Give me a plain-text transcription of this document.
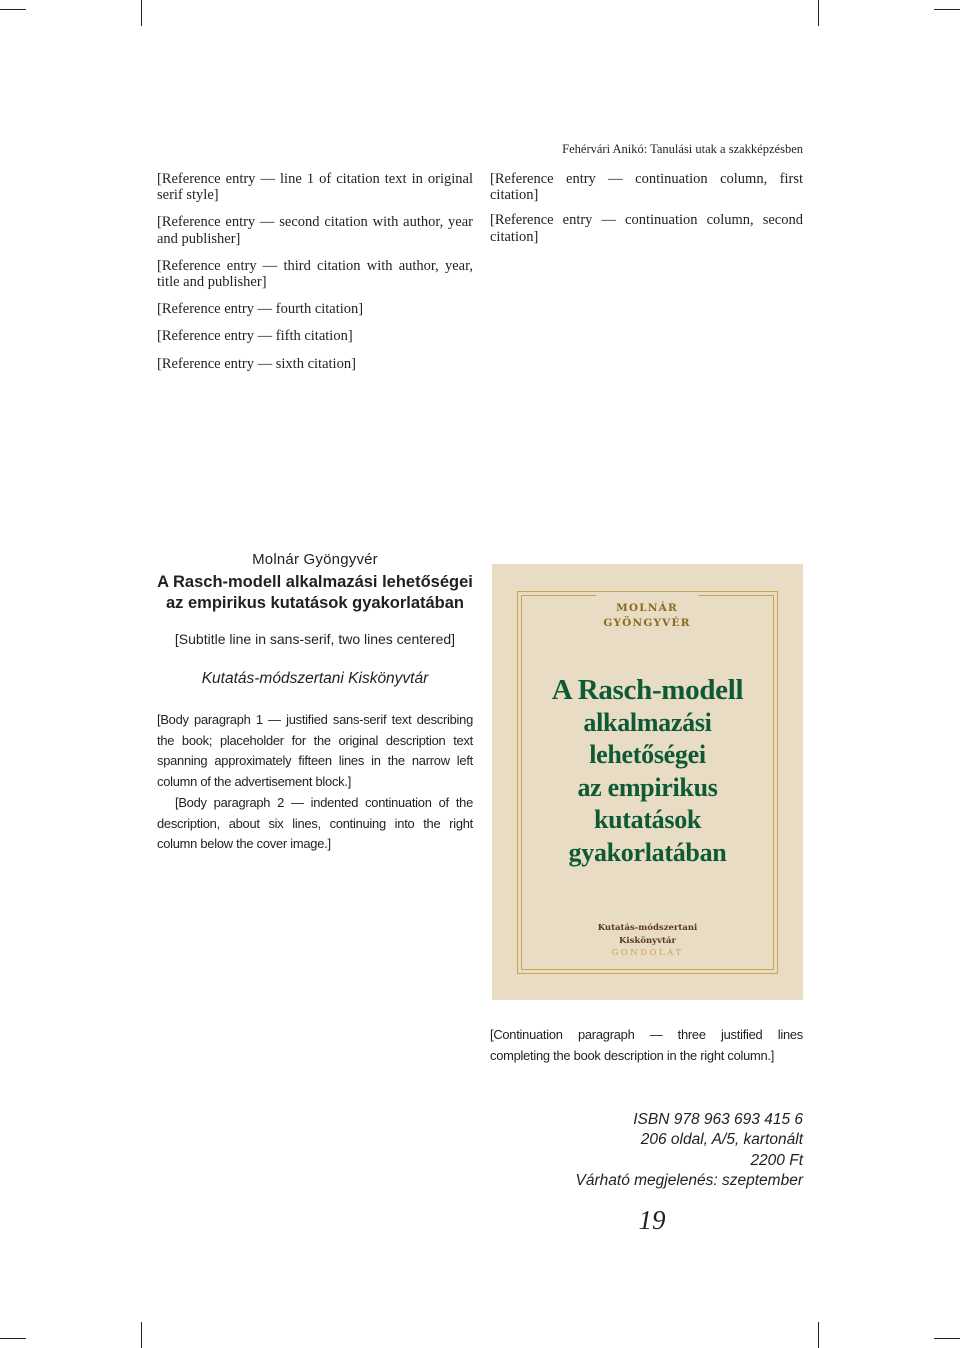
Fehérvári Anikó: Tanulási utak a szakképzésben

[Reference entry — line 1 of citation text in original serif style]

[Reference entry — second citation with author, year and publisher]

[Reference entry — third citation with author, year, title and publisher]

[Reference entry — fourth citation]

[Reference entry — fifth citation]

[Reference entry — sixth citation]

[Reference entry — continuation column, first citation]

[Reference entry — continuation column, second citation]

Molnár Gyöngyvér
A Rasch-modell alkalmazási lehetőségei az empirikus kutatások gyakorlatában
[Subtitle line in sans-serif, two lines centered]
Kutatás-módszertani Kiskönyvtár

[Body paragraph 1 — justified sans-serif text describing the book; placeholder for the original description text spanning approximately fifteen lines in the narrow left column of the advertisement block.]

[Body paragraph 2 — indented continuation of the description, about six lines, continuing into the right column below the cover image.]

MOLNÁR
GYÖNGYVÉR
A Rasch-modell
alkalmazási
lehetőségei
az empirikus
kutatások
gyakorlatában
Kutatás-módszertani
Kiskönyvtár
GONDOLAT

[Continuation paragraph — three justified lines completing the book description in the right column.]

ISBN 978 963 693 415 6
206 oldal, A/5, kartonált
2200 Ft
Várható megjelenés: szeptember
19
